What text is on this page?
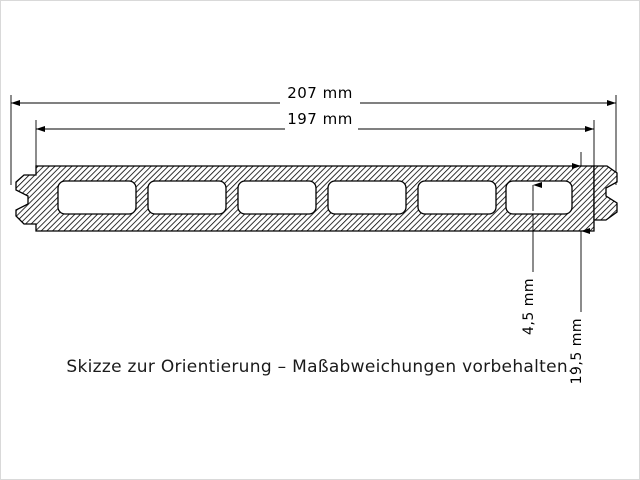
207 mm
197 mm
4,5 mm
19,5 mm
Skizze zur Orientierung – Maßabweichungen vorbehalten.
